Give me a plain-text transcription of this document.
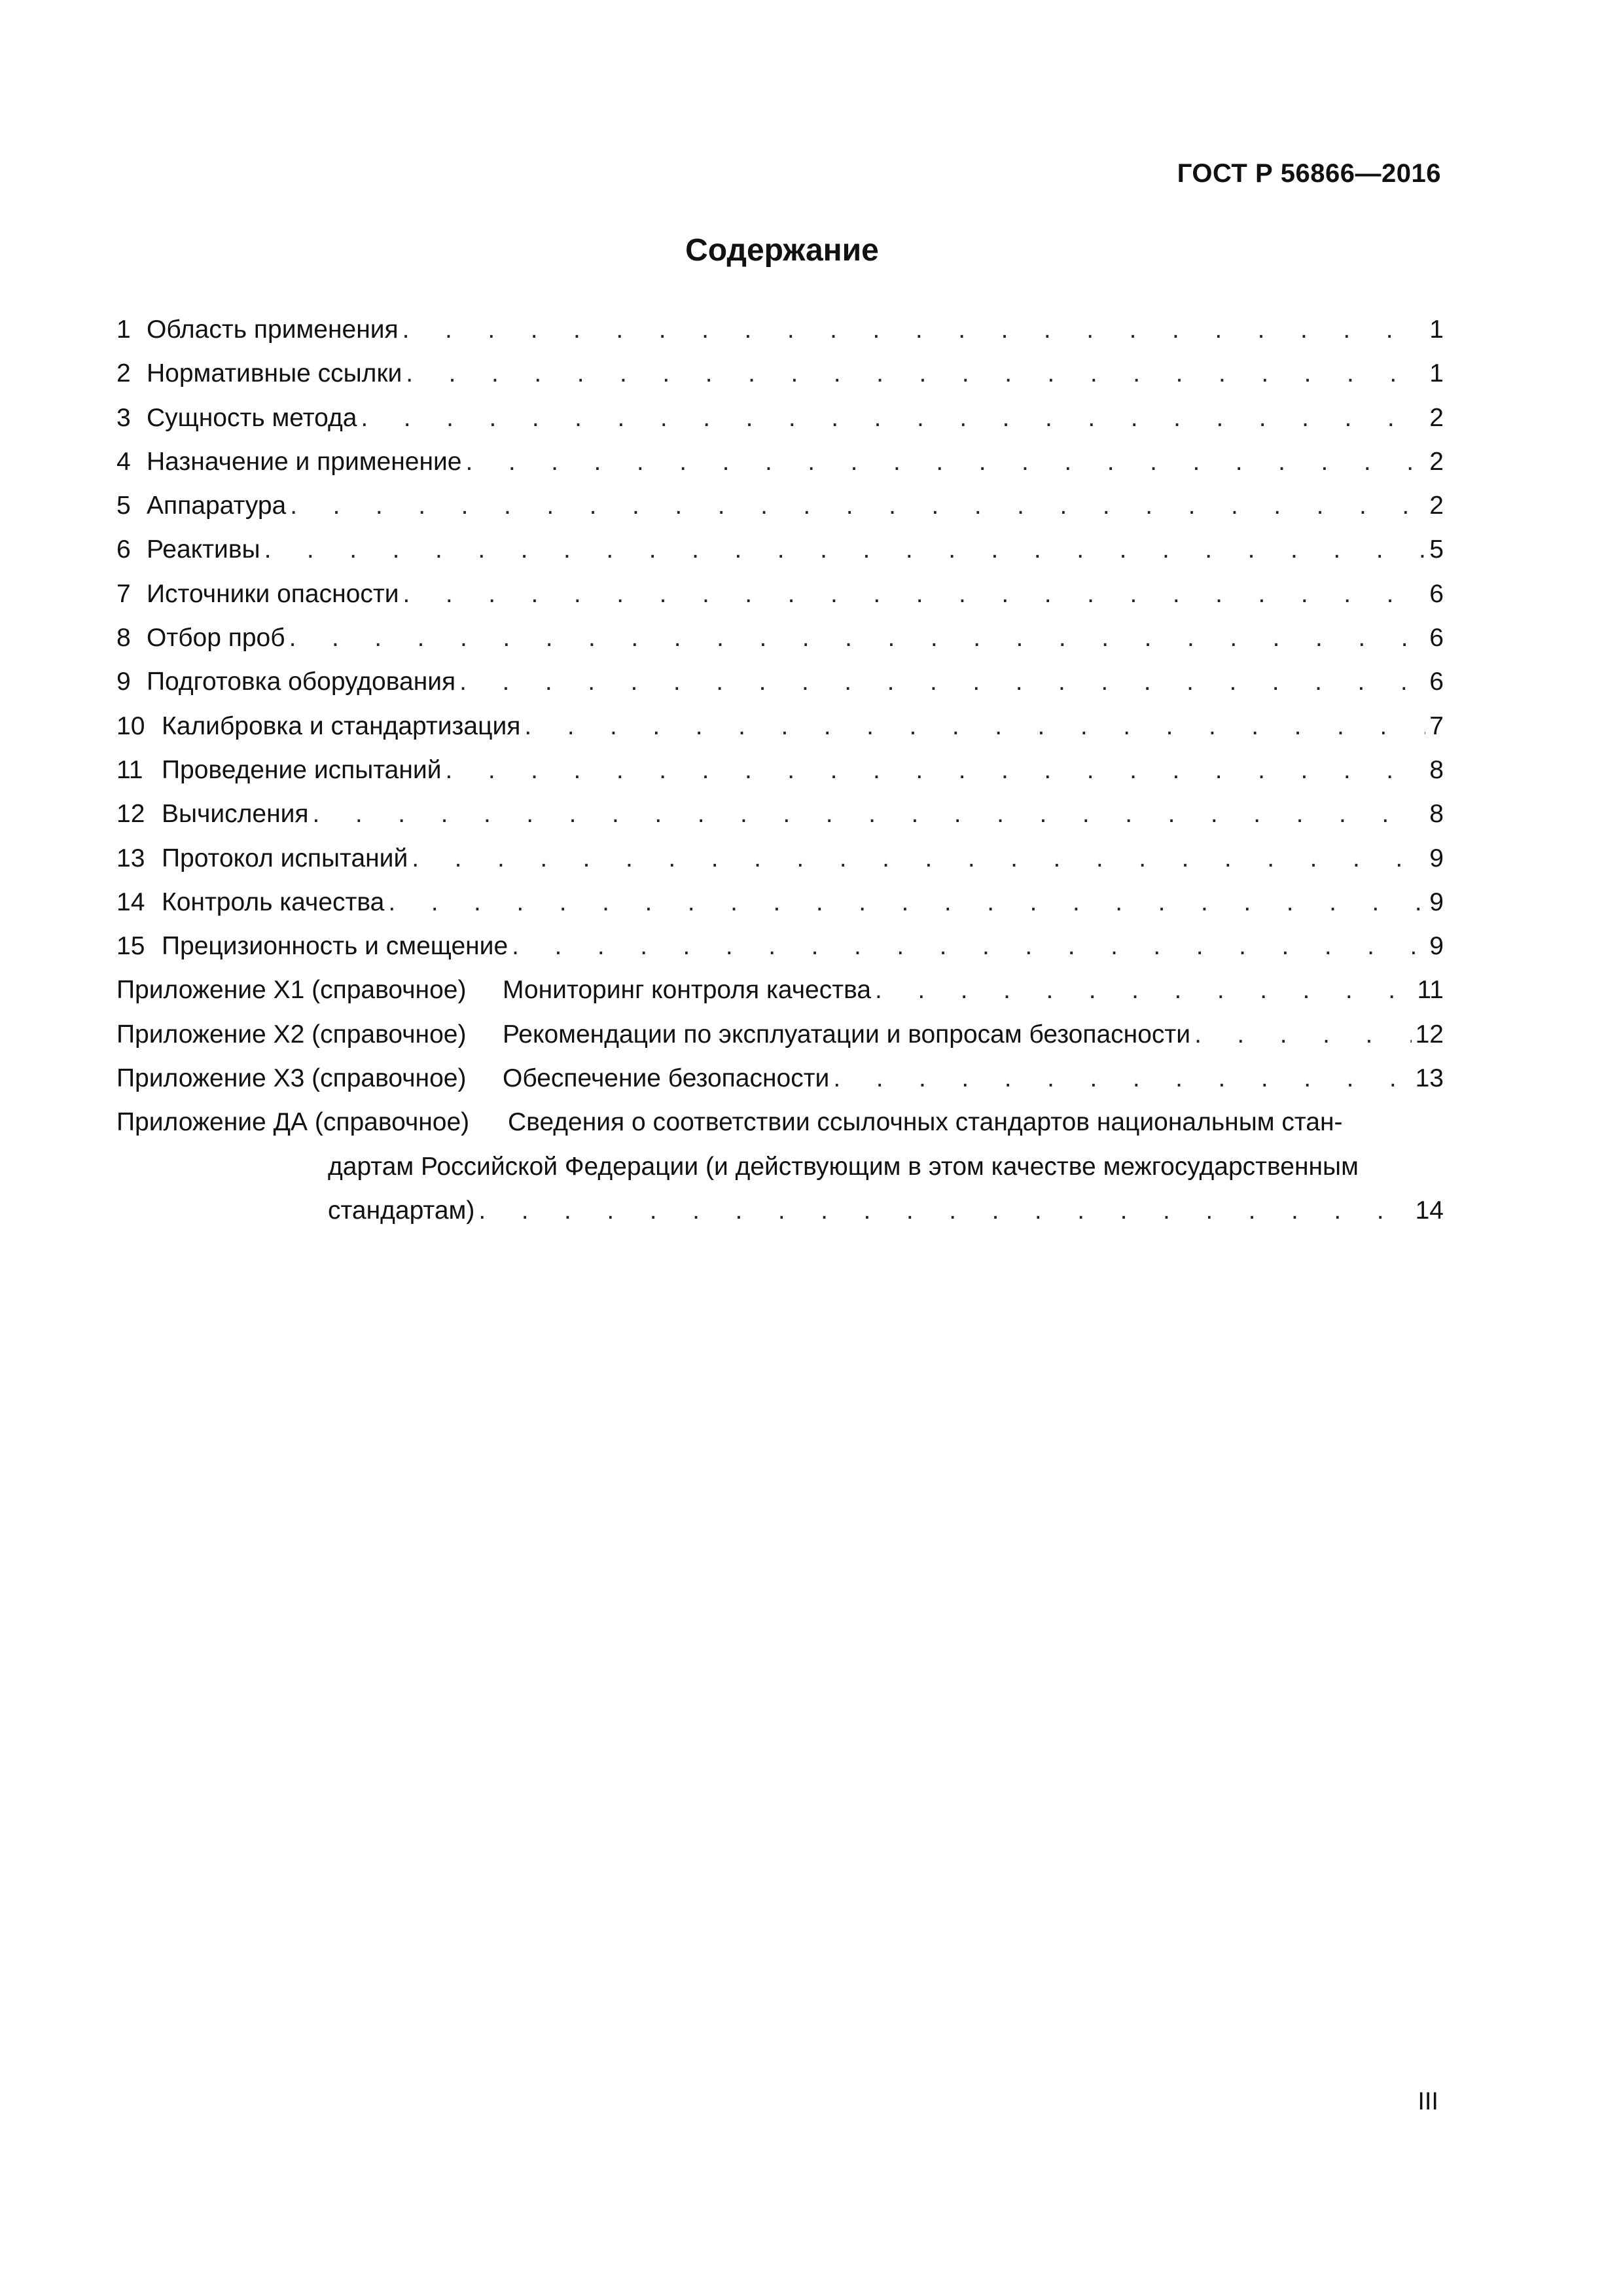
ГОСТ Р 56866—2016
Содержание
1 Область применения . . .	1
2 Нормативные ссылки . . .	1
3 Сущность метода . . .	2
4 Назначение и применение . . .	2
5 Аппаратура . . .	2
6 Реактивы . . .	5
7 Источники опасности . . .	6
8 Отбор проб . . .	6
9 Подготовка оборудования . . .	6
10 Калибровка и стандартизация . . .	7
11 Проведение испытаний . . .	8
12 Вычисления . . .	8
13 Протокол испытаний . . .	9
14 Контроль качества . . .	9
15 Прецизионность и смещение . . .	9
Приложение Х1 (справочное)	Мониторинг контроля качества . . .	11
Приложение Х2 (справочное)	Рекомендации по эксплуатации и вопросам безопасности . . .	12
Приложение Х3 (справочное)	Обеспечение безопасности . . .	13
Приложение ДА (справочное) Сведения о соответствии ссылочных стандартов национальным стан-
дартам Российской Федерации (и действующим в этом качестве межгосударственным
стандартам) . . .	14
III
